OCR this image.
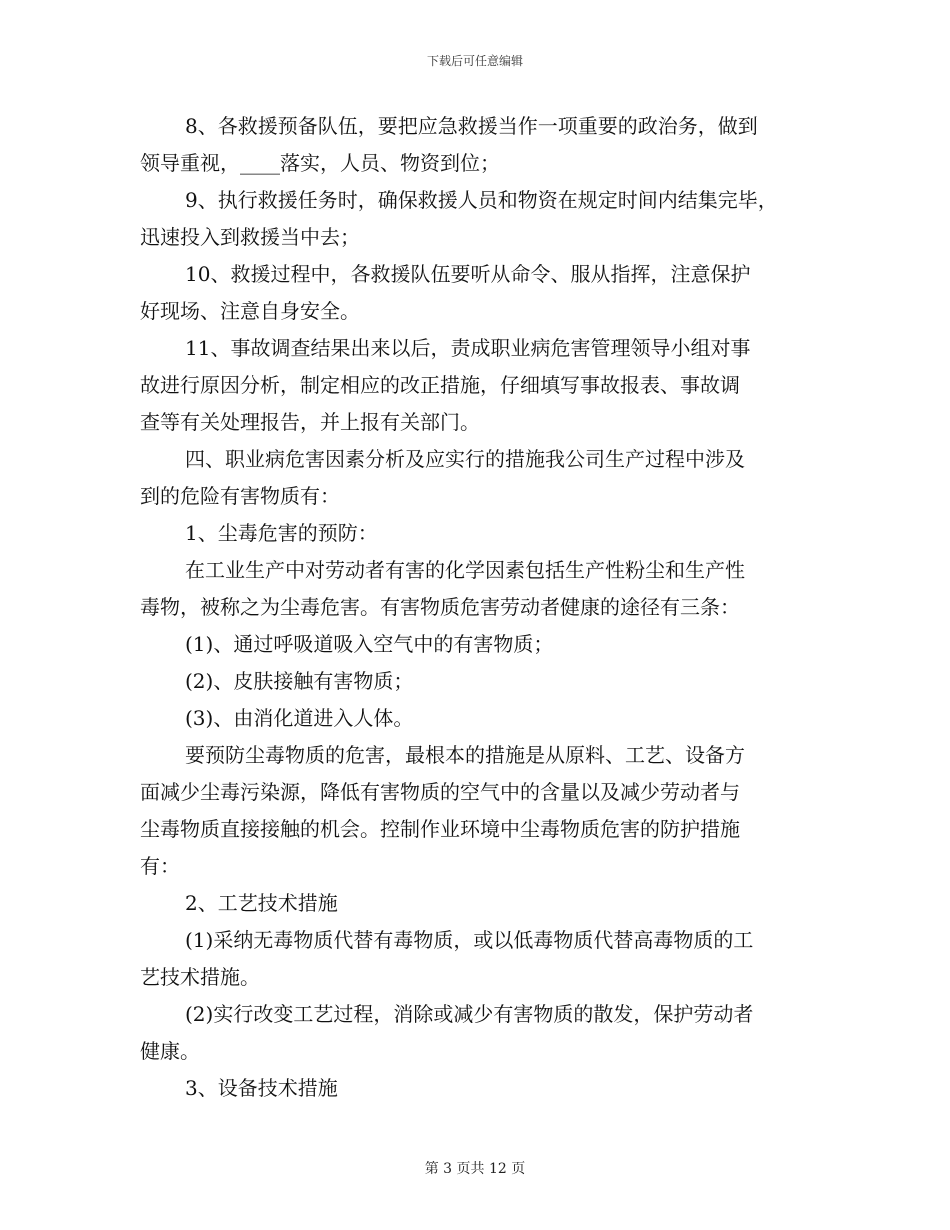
下载后可任意编辑
8、各救援预备队伍，要把应急救援当作一项重要的政治务，做到
领导重视，____落实，人员、物资到位；
9、执行救援任务时，确保救援人员和物资在规定时间内结集完毕，
迅速投入到救援当中去；
10、救援过程中，各救援队伍要听从命令、服从指挥，注意保护
好现场、注意自身安全。
11、事故调查结果出来以后，责成职业病危害管理领导小组对事
故进行原因分析，制定相应的改正措施，仔细填写事故报表、事故调
查等有关处理报告，并上报有关部门。
四、职业病危害因素分析及应实行的措施我公司生产过程中涉及
到的危险有害物质有：
1、尘毒危害的预防：
在工业生产中对劳动者有害的化学因素包括生产性粉尘和生产性
毒物，被称之为尘毒危害。有害物质危害劳动者健康的途径有三条：
(1)、通过呼吸道吸入空气中的有害物质；
(2)、皮肤接触有害物质；
(3)、由消化道进入人体。
要预防尘毒物质的危害，最根本的措施是从原料、工艺、设备方
面减少尘毒污染源，降低有害物质的空气中的含量以及减少劳动者与
尘毒物质直接接触的机会。控制作业环境中尘毒物质危害的防护措施
有：
2、工艺技术措施
(1)采纳无毒物质代替有毒物质，或以低毒物质代替高毒物质的工
艺技术措施。
(2)实行改变工艺过程，消除或减少有害物质的散发，保护劳动者
健康。
3、设备技术措施
第 3 页共 12 页
